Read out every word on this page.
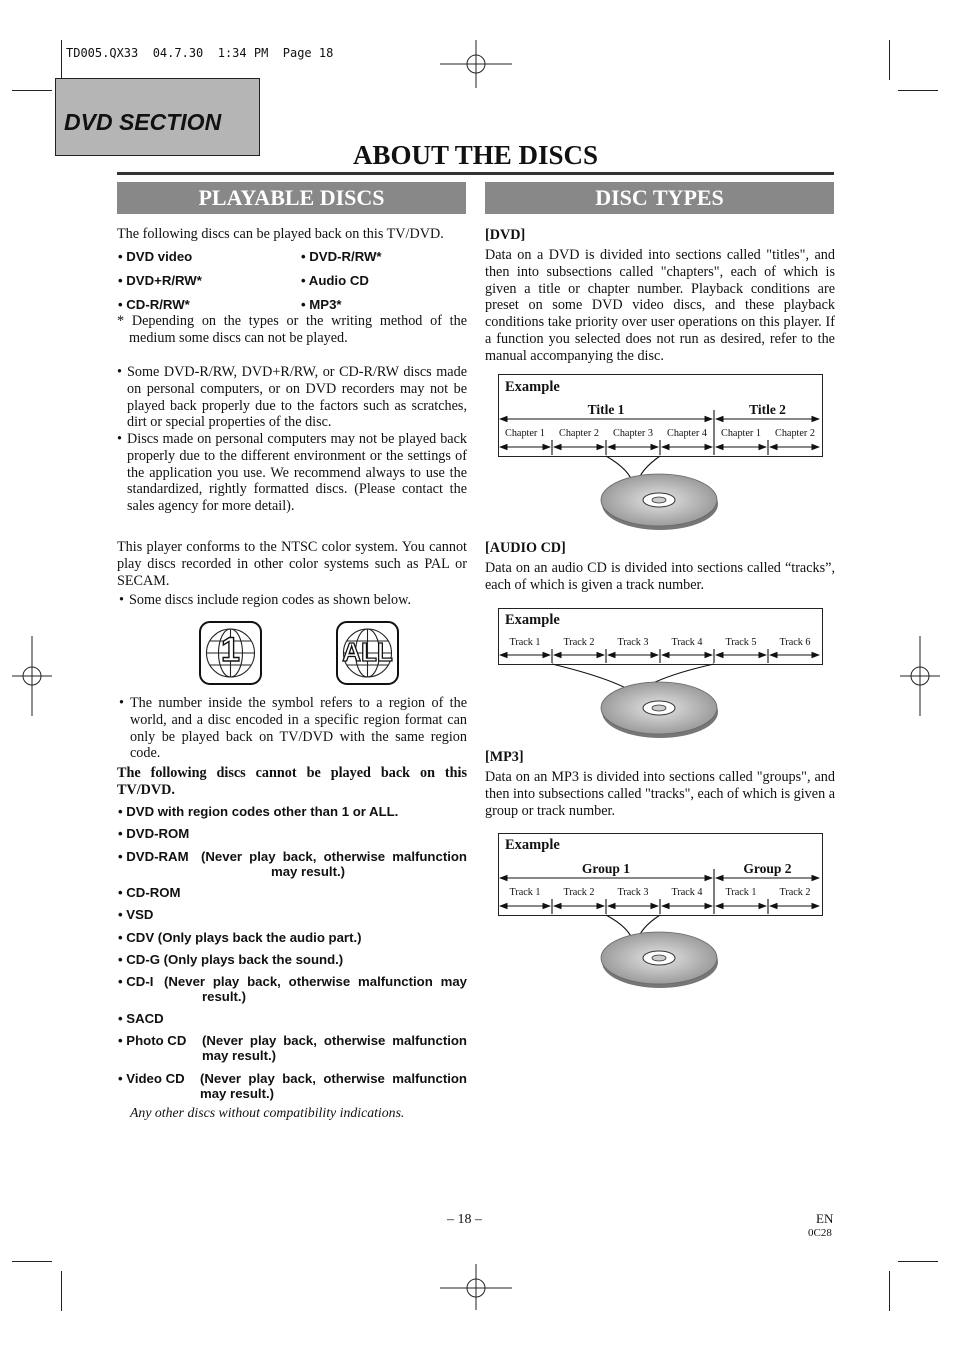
TD005.QX33  04.7.30  1:34 PM  Page 18
DVD SECTION
ABOUT THE DISCS
PLAYABLE DISCS	DISC TYPES
The following discs can be played back on this TV/DVD.
• DVD video	• DVD-R/RW*
• DVD+R/RW*	• Audio CD
• CD-R/RW*	• MP3*
* Depending on the types or the writing method of the medium some discs can not be played.
• Some DVD-R/RW, DVD+R/RW, or CD-R/RW discs made on personal computers, or on DVD recorders may not be played back properly due to the factors such as scratches, dirt or special properties of the disc.
• Discs made on personal computers may not be played back properly due to the different environment or the settings of the application you use. We recommend always to use the standardized, rightly formatted discs. (Please contact the sales agency for more detail).
This player conforms to the NTSC color system. You cannot play discs recorded in other color systems such as PAL or SECAM.
• Some discs include region codes as shown below.
1	ALL
• The number inside the symbol refers to a region of the world, and a disc encoded in a specific region format can only be played back on TV/DVD with the same region code.
The following discs cannot be played back on this TV/DVD.
• DVD with region codes other than 1 or ALL.
• DVD-ROM
• DVD-RAM (Never play back, otherwise malfunction may result.)
• CD-ROM
• VSD
• CDV (Only plays back the audio part.)
• CD-G (Only plays back the sound.)
• CD-I (Never play back, otherwise malfunction may result.)
• SACD
• Photo CD (Never play back, otherwise malfunction may result.)
• Video CD (Never play back, otherwise malfunction may result.)
Any other discs without compatibility indications.
[DVD]
Data on a DVD is divided into sections called "titles", and then into subsections called "chapters", each of which is given a title or chapter number. Playback conditions are preset on some DVD video discs, and these playback conditions take priority over user operations on this player. If a function you selected does not run as desired, refer to the manual accompanying the disc.
Example
Title 1	Title 2
Chapter 1	Chapter 2	Chapter 3	Chapter 4	Chapter 1	Chapter 2
[AUDIO CD]
Data on an audio CD is divided into sections called “tracks”, each of which is given a track number.
Example
Track 1	Track 2	Track 3	Track 4	Track 5	Track 6
[MP3]
Data on an MP3 is divided into sections called "groups", and then into subsections called "tracks", each of which is given a group or track number.
Example
Group 1	Group 2
Track 1	Track 2	Track 3	Track 4	Track 1	Track 2
– 18 –	EN
0C28
